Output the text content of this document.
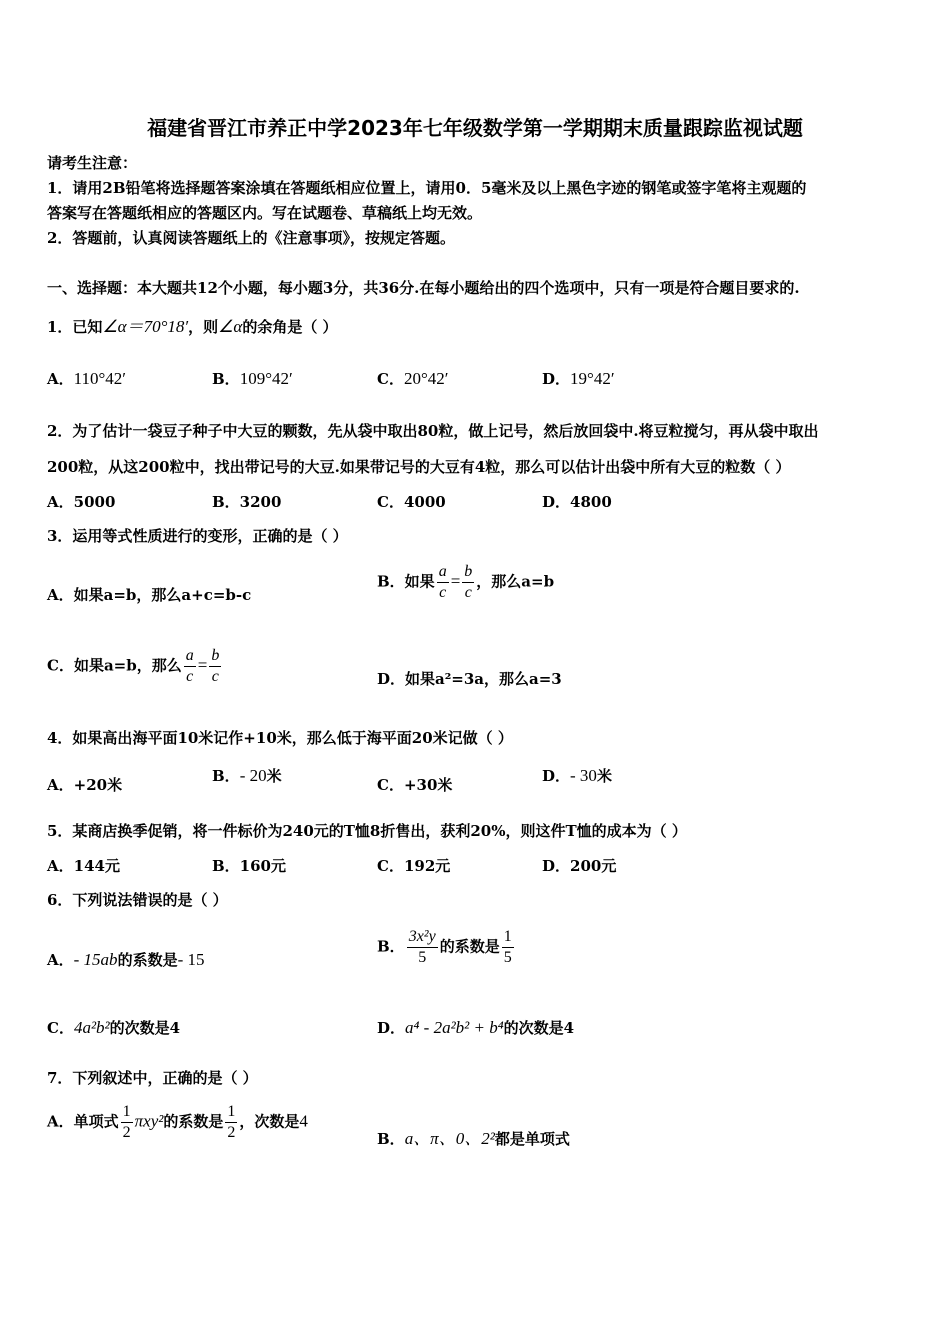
福建省晋江市养正中学2023年七年级数学第一学期期末质量跟踪监视试题
请考生注意：
1．请用2B铅笔将选择题答案涂填在答题纸相应位置上，请用0．5毫米及以上黑色字迹的钢笔或签字笔将主观题的
答案写在答题纸相应的答题区内。写在试题卷、草稿纸上均无效。
2．答题前，认真阅读答题纸上的《注意事项》，按规定答题。
一、选择题：本大题共12个小题，每小题3分，共36分.在每小题给出的四个选项中，只有一项是符合题目要求的.
1．已知∠α＝70°18′，则∠α的余角是（ ）
A．110°42′	B．109°42′	C．20°42′	D．19°42′
2．为了估计一袋豆子种子中大豆的颗数，先从袋中取出80粒，做上记号，然后放回袋中.将豆粒搅匀，再从袋中取出
200粒，从这200粒中，找出带记号的大豆.如果带记号的大豆有4粒，那么可以估计出袋中所有大豆的粒数（ ）
A．5000	B．3200	C．4000	D．4800
3．运用等式性质进行的变形，正确的是（ ）
A．如果a=b，那么a+c=b-c
B．如果 $\frac{a}{c} = \frac{b}{c}$ ，那么a=b
C．如果a=b，那么 $\frac{a}{c} = \frac{b}{c}$	D．如果a²=3a，那么a=3
4．如果高出海平面10米记作+10米，那么低于海平面20米记做（ ）
A．+20米	B．- 20米	C．+30米	D．- 30米
5．某商店换季促销，将一件标价为240元的T恤8折售出，获利20%，则这件T恤的成本为（ ）
A．144元	B．160元	C．192元	D．200元
6．下列说法错误的是（ ）
A．- 15ab的系数是- 15
B． $\frac{\text{3x²y}}{5}$ 的系数是 $\frac{1}{5}$
C．4a²b²的次数是4	D．a⁴ - 2a²b² + b⁴的次数是4
7．下列叙述中，正确的是（ ）
A．单项式 $\frac{1}{2} \pi xy^2$的系数是 $\frac{1}{2}$ ，次数是4
B．a、π、0、2²都是单项式
